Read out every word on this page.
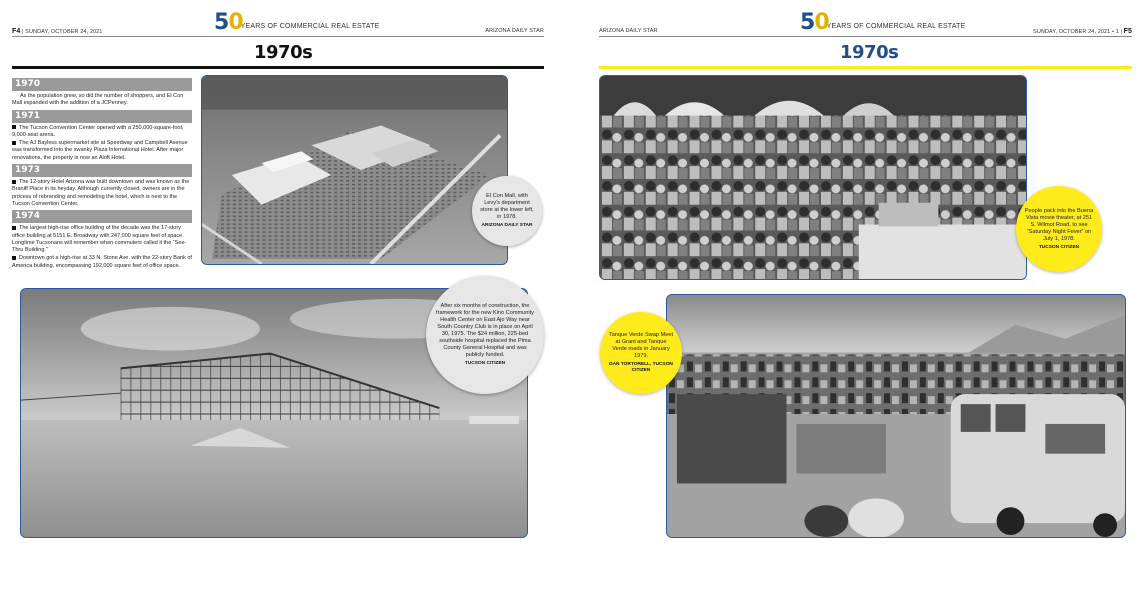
F4 | SUNDAY, OCTOBER 24, 2021	50
YEARS OF COMMERCIAL REAL ESTATE
ARIZONA DAILY STAR
1970s
1970

As the population grew, so did the number of shoppers, and El Con Mall expanded with the addition of a JCPenney.

1971

The Tucson Convention Center opened with a 250,000-square-foot, 9,000-seat arena.

The AJ Bayless supermarket site at Speedway and Campbell Avenue was transformed into the swanky Plaza International Hotel. After major renovations, the property is now an Aloft Hotel.

1973

The 12-story Hotel Arizona was built downtown and was known as the Braniff Place in its heyday. Although currently closed, owners are in the process of rebranding and remodeling the hotel, which is next to the Tucson Convention Center.

1974

The largest high-rise office building of the decade was the 17-story office building at 5151 E. Broadway with 247,000 square feet of space. Longtime Tucsonans will remember when commuters called it the “See-Thru Building.”

Downtown got a high-rise at 33 N. Stone Ave. with the 22-story Bank of America building, encompassing 192,000 square feet of office space.

El Con Mall, with Levy’s department store at the lower left, in 1978.
ARIZONA DAILY STAR
After six months of construction, the framework for the new Kino Community Health Center on East Ajo Way near South Country Club is in place on April 30, 1975. The $24 million, 225-bed southside hospital replaced the Pima County General Hospital and was publicly funded.
TUCSON CITIZEN
ARIZONA DAILY STAR	50
YEARS OF COMMERCIAL REAL ESTATE
SUNDAY, OCTOBER 24, 2021 • 1 | F5
1970s
People pack into the Buena Vista movie theater, at 251 S. Wilmot Road, to see “Saturday Night Fever” on July 1, 1978.
TUCSON CITIZEN
Tanque Verde Swap Meet at Grant and Tanque Verde roads in January 1979.
DAN TORTORELL, TUCSON CITIZEN
